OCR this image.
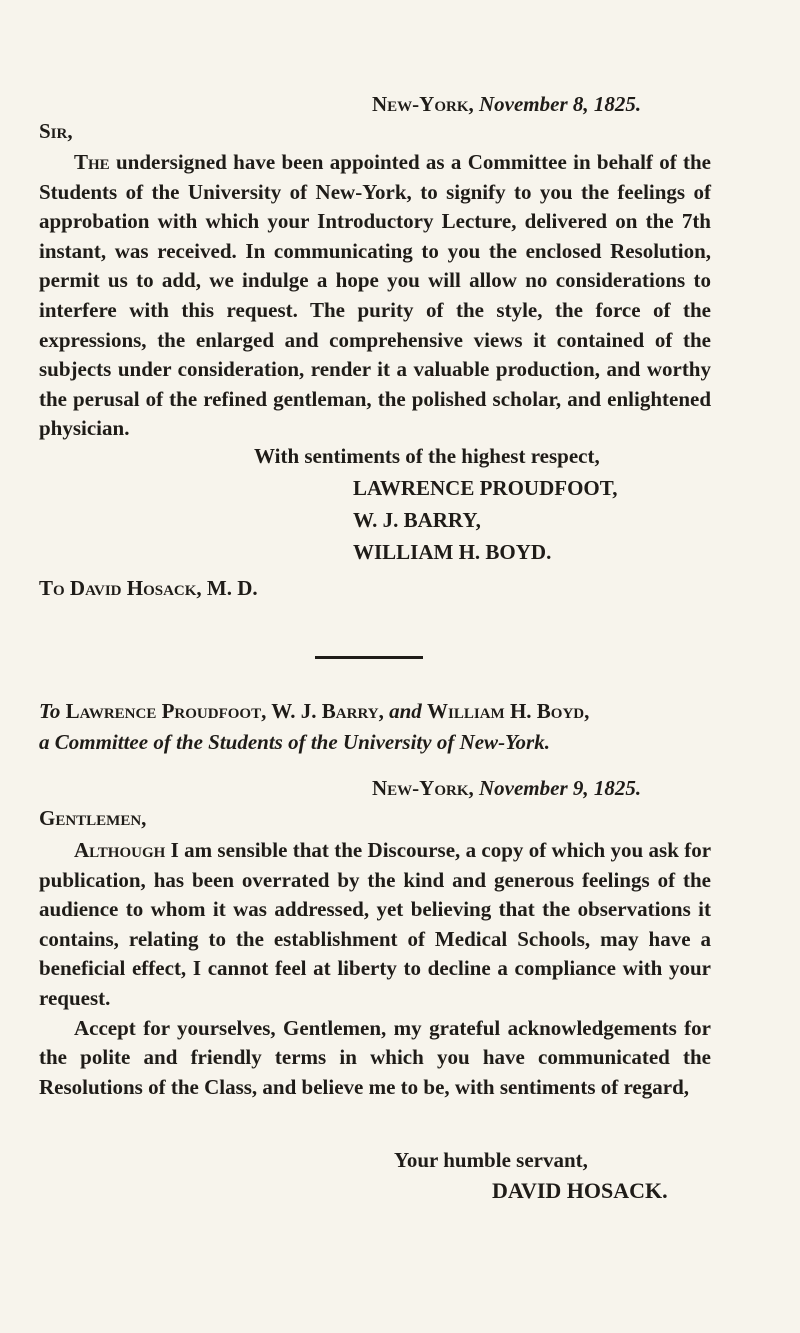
New-York, November 8, 1825.
Sir,

The undersigned have been appointed as a Committee in behalf of the Students of the University of New-York, to signify to you the feelings of approbation with which your Introductory Lecture, delivered on the 7th instant, was received. In communicating to you the enclosed Resolution, permit us to add, we indulge a hope you will allow no considerations to interfere with this request. The purity of the style, the force of the expressions, the enlarged and comprehensive views it contained of the subjects under consideration, render it a valuable production, and worthy the perusal of the refined gentleman, the polished scholar, and enlightened physician.

With sentiments of the highest respect,
LAWRENCE PROUDFOOT,
W. J. BARRY,
WILLIAM H. BOYD.
To David Hosack, M. D.
To Lawrence Proudfoot, W. J. Barry, and William H. Boyd,
a Committee of the Students of the University of New-York.
New-York, November 9, 1825.
Gentlemen,

Although I am sensible that the Discourse, a copy of which you ask for publication, has been overrated by the kind and generous feelings of the audience to whom it was addressed, yet believing that the observations it contains, relating to the establishment of Medical Schools, may have a beneficial effect, I cannot feel at liberty to decline a compliance with your request.

Accept for yourselves, Gentlemen, my grateful acknowledgements for the polite and friendly terms in which you have communicated the Resolutions of the Class, and believe me to be, with sentiments of regard,

Your humble servant,
DAVID HOSACK.
